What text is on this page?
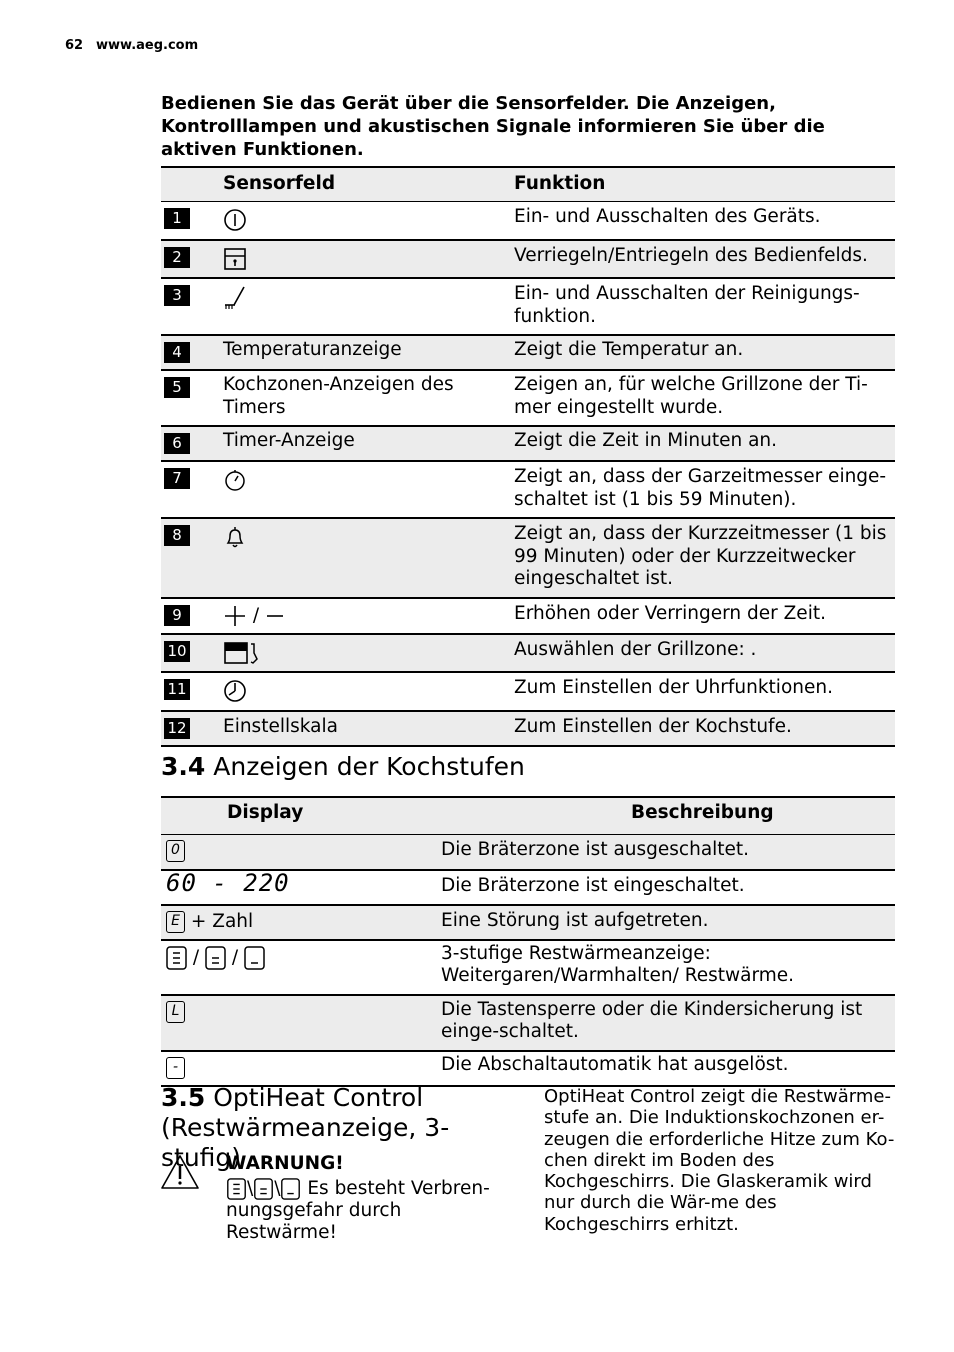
62 www.aeg.com
Bedienen Sie das Gerät über die Sensorfelder. Die Anzeigen, Kontrolllampen und akustischen Signale informieren Sie über die aktiven Funktionen.
	Sensorfeld	Funktion
1		Ein- und Ausschalten des Geräts.

2		Verriegeln/Entriegeln des Bedienfelds.

3		Ein- und Ausschalten der Reinigungs-funktion.

4	Temperaturanzeige	Zeigt die Temperatur an.

5	Kochzonen-Anzeigen des Timers	Zeigen an, für welche Grillzone der Ti-mer eingestellt wurde.

6	Timer-Anzeige	Zeigt die Zeit in Minuten an.

7		Zeigt an, dass der Garzeitmesser einge-schaltet ist (1 bis 59 Minuten).

8		Zeigt an, dass der Kurzzeitmesser (1 bis 99 Minuten) oder der Kurzzeitwecker eingeschaltet ist.

9	/	Erhöhen oder Verringern der Zeit.

10		Auswählen der Grillzone: .

11		Zum Einstellen der Uhrfunktionen.

12	Einstellskala	Zum Einstellen der Kochstufe.
3.4 Anzeigen der Kochstufen
Display	Beschreibung

0	Die Bräterzone ist ausgeschaltet.

60 - 220	Die Bräterzone ist eingeschaltet.

E + Zahl	Eine Störung ist aufgetreten.

/ /	3-stufige Restwärmeanzeige: Weitergaren/Warmhalten/ Restwärme.

L	Die Tastensperre oder die Kindersicherung ist einge-schaltet.

-	Die Abschaltautomatik hat ausgelöst.
3.5 OptiHeat Control (Restwärmeanzeige, 3-stufig)
WARNUNG!
\ \ Es besteht Verbren-nungsgefahr durch Restwärme!
OptiHeat Control zeigt die Restwärme-stufe an. Die Induktionskochzonen er-zeugen die erforderliche Hitze zum Ko-chen direkt im Boden des Kochgeschirrs. Die Glaskeramik wird nur durch die Wär-me des Kochgeschirrs erhitzt.
